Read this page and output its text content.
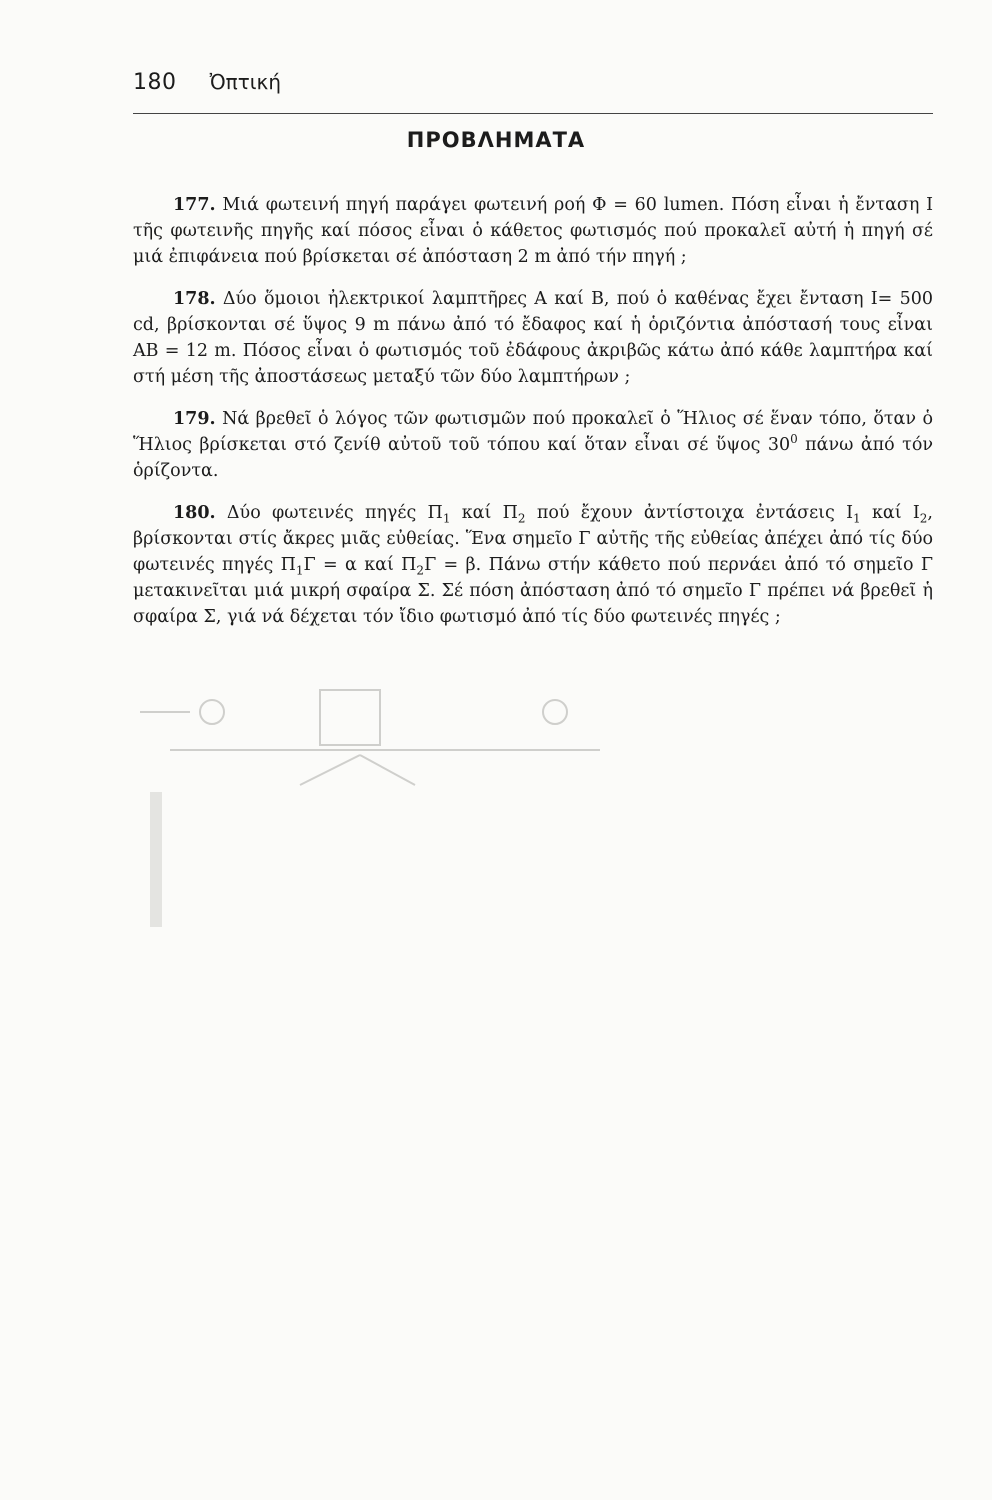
180 Ὀπτική
ΠΡΟΒΛΗΜΑΤΑ

177. Μιά φωτεινή πηγή παράγει φωτεινή ροή Φ = 60 lumen. Πόση εἶναι ἡ ἔνταση I τῆς φωτεινῆς πηγῆς καί πόσος εἶναι ὁ κάθετος φωτισμός πού προκαλεῖ αὐτή ἡ πηγή σέ μιά ἐπιφάνεια πού βρίσκεται σέ ἀπόσταση 2 m ἀπό τήν πηγή ;

178. Δύο ὅμοιοι ἠλεκτρικοί λαμπτῆρες Α καί Β, πού ὁ καθένας ἔχει ἔνταση I= 500 cd, βρίσκονται σέ ὕψος 9 m πάνω ἀπό τό ἔδαφος καί ἡ ὁριζόντια ἀπόστασή τους εἶναι ΑΒ = 12 m. Πόσος εἶναι ὁ φωτισμός τοῦ ἐδάφους ἀκριβῶς κάτω ἀπό κάθε λαμπτήρα καί στή μέση τῆς ἀποστάσεως μεταξύ τῶν δύο λαμπτήρων ;

179. Νά βρεθεῖ ὁ λόγος τῶν φωτισμῶν πού προκαλεῖ ὁ Ἥλιος σέ ἕναν τόπο, ὅταν ὁ Ἥλιος βρίσκεται στό ζενίθ αὐτοῦ τοῦ τόπου καί ὅταν εἶναι σέ ὕψος $30^0$ πάνω ἀπό τόν ὁρίζοντα.

180. Δύο φωτεινές πηγές $\Pi_1$ καί $\Pi_2$ πού ἔχουν ἀντίστοιχα ἐντάσεις $I_1$ καί $I_2$, βρίσκονται στίς ἄκρες μιᾶς εὐθείας. Ἕνα σημεῖο Γ αὐτῆς τῆς εὐθείας ἀπέχει ἀπό τίς δύο φωτεινές πηγές $\Pi_1\Gamma = \alpha$ καί $\Pi_2\Gamma = \beta$. Πάνω στήν κάθετο πού περνάει ἀπό τό σημεῖο Γ μετακινεῖται μιά μικρή σφαίρα Σ. Σέ πόση ἀπόσταση ἀπό τό σημεῖο Γ πρέπει νά βρεθεῖ ἡ σφαίρα Σ, γιά νά δέχεται τόν ἴδιο φωτισμό ἀπό τίς δύο φωτεινές πηγές ;
